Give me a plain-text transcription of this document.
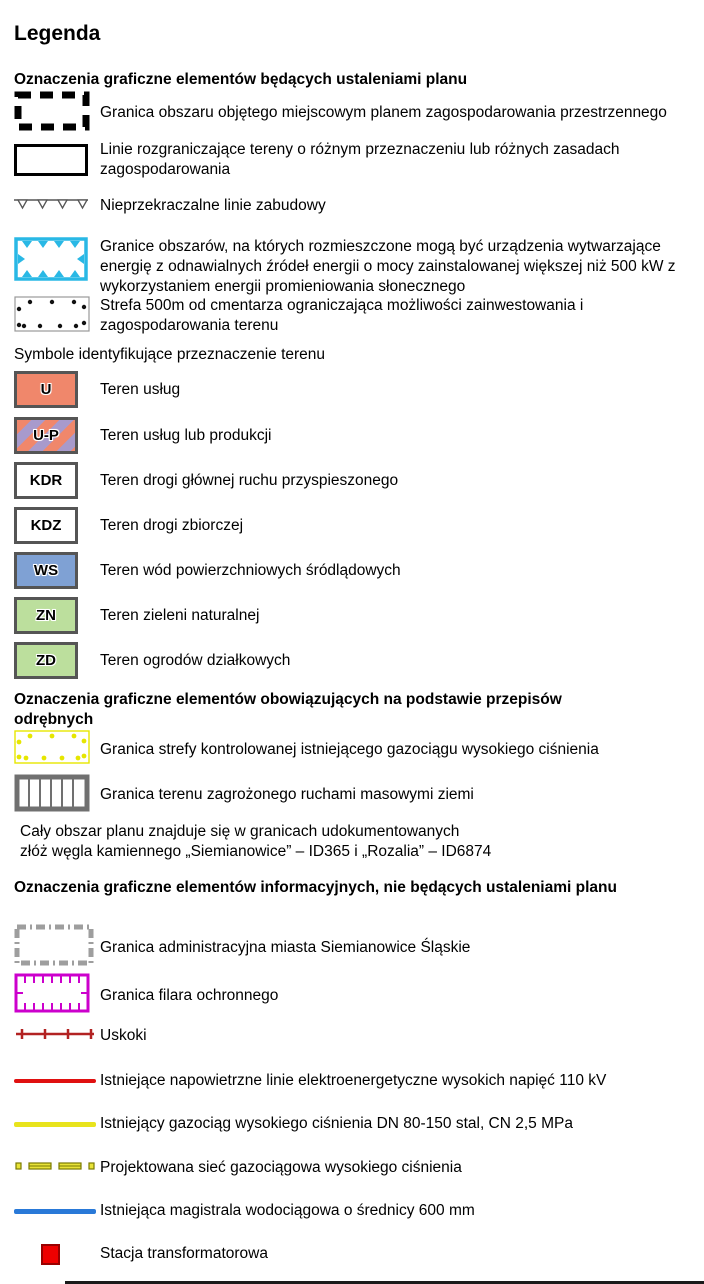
Legenda
Oznaczenia graficzne elementów będących ustaleniami planu
Granica obszaru objętego miejscowym planem zagospodarowania przestrzennego
Linie rozgraniczające tereny o różnym przeznaczeniu lub różnych zasadach zagospodarowania
Nieprzekraczalne linie zabudowy
Granice obszarów, na których rozmieszczone mogą być urządzenia wytwarzające energię z odnawialnych źródeł energii o mocy zainstalowanej większej niż 500 kW z wykorzystaniem energii promieniowania słonecznego
Strefa 500m od cmentarza ograniczająca możliwości zainwestowania i zagospodarowania terenu
Symbole identyfikujące przeznaczenie terenu
U	Teren usług
U-P	Teren usług lub produkcji
KDR	Teren drogi głównej ruchu przyspieszonego
KDZ	Teren drogi zbiorczej
WS	Teren wód powierzchniowych śródlądowych
ZN	Teren zieleni naturalnej
ZD	Teren ogrodów działkowych
Oznaczenia graficzne elementów obowiązujących na podstawie przepisów odrębnych
Granica strefy kontrolowanej istniejącego gazociągu wysokiego ciśnienia
Granica terenu zagrożonego ruchami masowymi ziemi
Cały obszar planu znajduje się w granicach udokumentowanych
złóż węgla kamiennego „Siemianowice” – ID365 i „Rozalia” – ID6874
Oznaczenia graficzne elementów informacyjnych, nie będących ustaleniami planu
Granica administracyjna miasta Siemianowice Śląskie
Granica filara ochronnego
Uskoki
Istniejące napowietrzne linie elektroenergetyczne wysokich napięć 110 kV
Istniejący gazociąg wysokiego ciśnienia DN 80-150 stal, CN 2,5 MPa
Projektowana sieć gazociągowa wysokiego ciśnienia
Istniejąca magistrala wodociągowa o średnicy 600 mm
Stacja transformatorowa
